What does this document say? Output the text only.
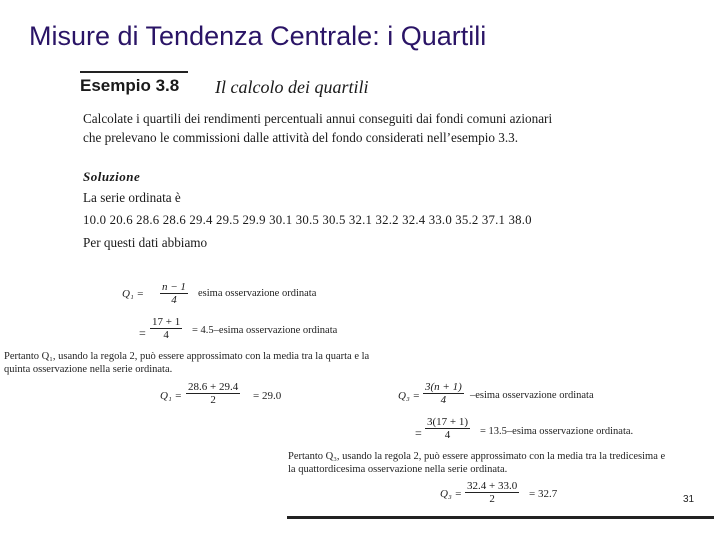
Misure di Tendenza Centrale: i Quartili
Esempio 3.8 Il calcolo dei quartili
Calcolate i quartili dei rendimenti percentuali annui conseguiti dai fondi comuni azionari
che prelevano le commissioni dalle attività del fondo considerati nell’esempio 3.3.
Soluzione
La serie ordinata è
10.0 20.6 28.6 28.6 29.4 29.5 29.9 30.1 30.5 30.5 32.1 32.2 32.4 33.0 35.2 37.1 38.0
Per questi dati abbiamo
$Q_1 = \frac{n - 1}{4}$ esima osservazione ordinata
= $\frac{17 + 1}{4}$ = 4.5–esima osservazione ordinata
Pertanto Q₁, usando la regola 2, può essere approssimato con la media tra la quarta e la
quinta osservazione nella serie ordinata.
$Q_1 = \frac{28.6 + 29.4}{2} = 29.0$	$Q_3 = \frac{3(n + 1)}{4}$ –esima osservazione ordinata
= $\frac{3(17 + 1)}{4}$ = 13.5–esima osservazione ordinata.
Pertanto Q₃, usando la regola 2, può essere approssimato con la media tra la tredicesima e
la quattordicesima osservazione nella serie ordinata.
$Q_3 = \frac{32.4 + 33.0}{2} = 32.7$	31
